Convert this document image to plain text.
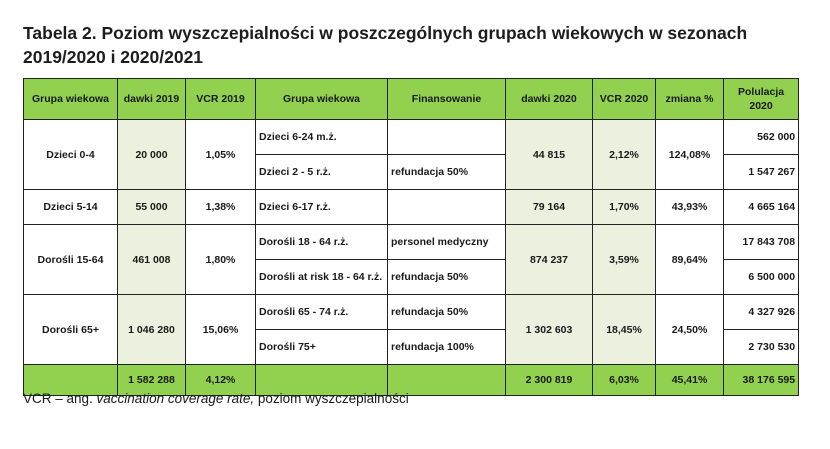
Tabela 2. Poziom wyszczepialności w poszczególnych grupach wiekowych w sezonach 2019/2020 i 2020/2021
Grupa wiekowa	dawki 2019	VCR 2019	Grupa wiekowa	Finansowanie	dawki 2020	VCR 2020	zmiana %	Polulacja 2020
Dzieci 0-4	20 000	1,05%	Dzieci 6-24 m.ż.		44 815	2,12%	124,08%	562 000
			Dzieci 2 - 5 r.ż.	refundacja 50%				1 547 267
Dzieci 5-14	55 000	1,38%	Dzieci 6-17 r.ż.		79 164	1,70%	43,93%	4 665 164
Dorośli 15-64	461 008	1,80%	Dorośli 18 - 64 r.ż.	personel medyczny	874 237	3,59%	89,64%	17 843 708
			Dorośli at risk 18 - 64 r.ż.	refundacja 50%				6 500 000
Dorośli 65+	1 046 280	15,06%	Dorośli 65 - 74 r.ż.	refundacja 50%	1 302 603	18,45%	24,50%	4 327 926
			Dorośli 75+	refundacja 100%				2 730 530
	1 582 288	4,12%			2 300 819	6,03%	45,41%	38 176 595
VCR – ang. vaccination coverage rate, poziom wyszczepialności
